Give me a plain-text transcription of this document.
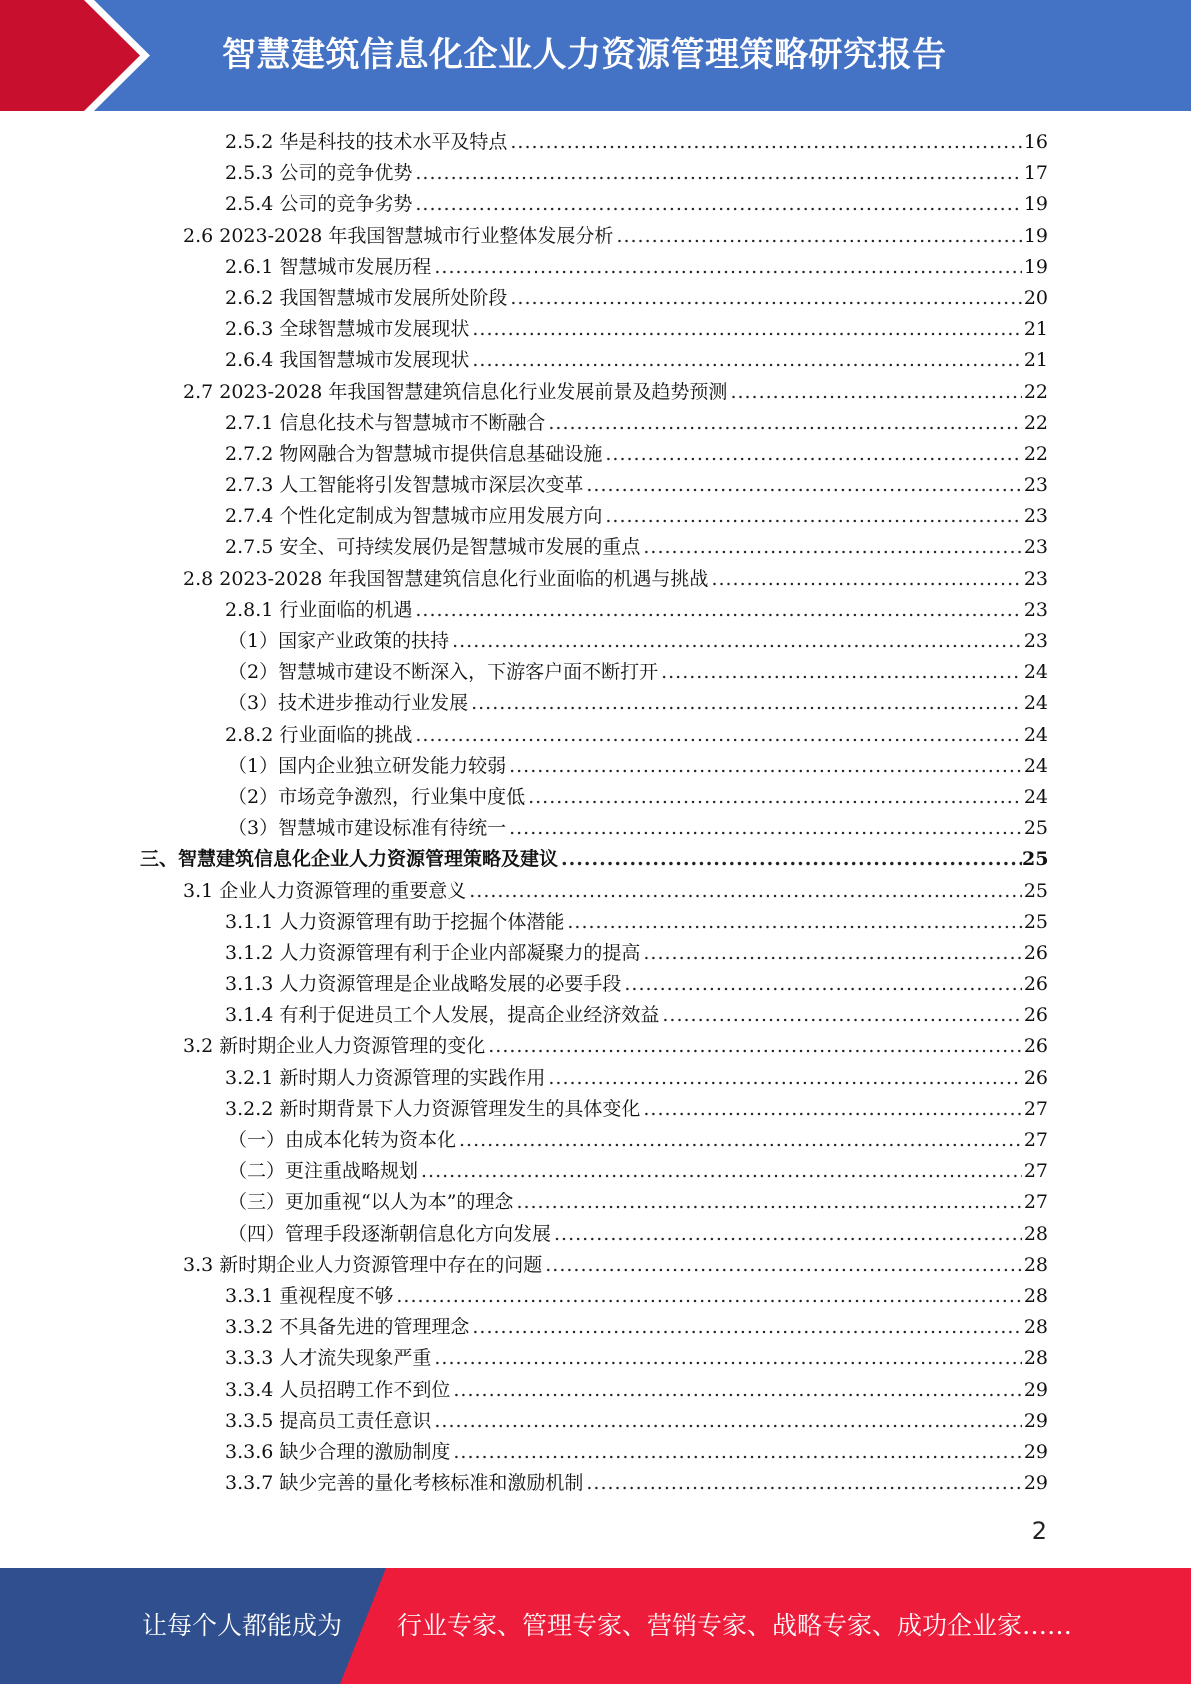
智慧建筑信息化企业人力资源管理策略研究报告
2.5.2 华是科技的技术水平及特点 .....	16
2.5.3 公司的竞争优势 .....	17
2.5.4 公司的竞争劣势 .....	19
2.6 2023-2028 年我国智慧城市行业整体发展分析 .....	19
2.6.1 智慧城市发展历程 .....	19
2.6.2 我国智慧城市发展所处阶段 .....	20
2.6.3 全球智慧城市发展现状 .....	21
2.6.4 我国智慧城市发展现状 .....	21
2.7 2023-2028 年我国智慧建筑信息化行业发展前景及趋势预测 .....	22
2.7.1 信息化技术与智慧城市不断融合 .....	22
2.7.2 物网融合为智慧城市提供信息基础设施 .....	22
2.7.3 人工智能将引发智慧城市深层次变革 .....	23
2.7.4 个性化定制成为智慧城市应用发展方向 .....	23
2.7.5 安全、可持续发展仍是智慧城市发展的重点 .....	23
2.8 2023-2028 年我国智慧建筑信息化行业面临的机遇与挑战 .....	23
2.8.1 行业面临的机遇 .....	23
（1）国家产业政策的扶持 .....	23
（2）智慧城市建设不断深入，下游客户面不断打开 .....	24
（3）技术进步推动行业发展 .....	24
2.8.2 行业面临的挑战 .....	24
（1）国内企业独立研发能力较弱 .....	24
（2）市场竞争激烈，行业集中度低 .....	24
（3）智慧城市建设标准有待统一 .....	25
三、智慧建筑信息化企业人力资源管理策略及建议 .....	25
3.1 企业人力资源管理的重要意义 .....	25
3.1.1 人力资源管理有助于挖掘个体潜能 .....	25
3.1.2 人力资源管理有利于企业内部凝聚力的提高 .....	26
3.1.3 人力资源管理是企业战略发展的必要手段 .....	26
3.1.4 有利于促进员工个人发展，提高企业经济效益 .....	26
3.2 新时期企业人力资源管理的变化 .....	26
3.2.1 新时期人力资源管理的实践作用 .....	26
3.2.2 新时期背景下人力资源管理发生的具体变化 .....	27
（一）由成本化转为资本化 .....	27
（二）更注重战略规划 .....	27
（三）更加重视“以人为本”的理念 .....	27
（四）管理手段逐渐朝信息化方向发展 .....	28
3.3 新时期企业人力资源管理中存在的问题 .....	28
3.3.1 重视程度不够 .....	28
3.3.2 不具备先进的管理理念 .....	28
3.3.3 人才流失现象严重 .....	28
3.3.4 人员招聘工作不到位 .....	29
3.3.5 提高员工责任意识 .....	29
3.3.6 缺少合理的激励制度 .....	29
3.3.7 缺少完善的量化考核标准和激励机制 .....	29
2
让每个人都能成为 行业专家、管理专家、营销专家、战略专家、成功企业家……
